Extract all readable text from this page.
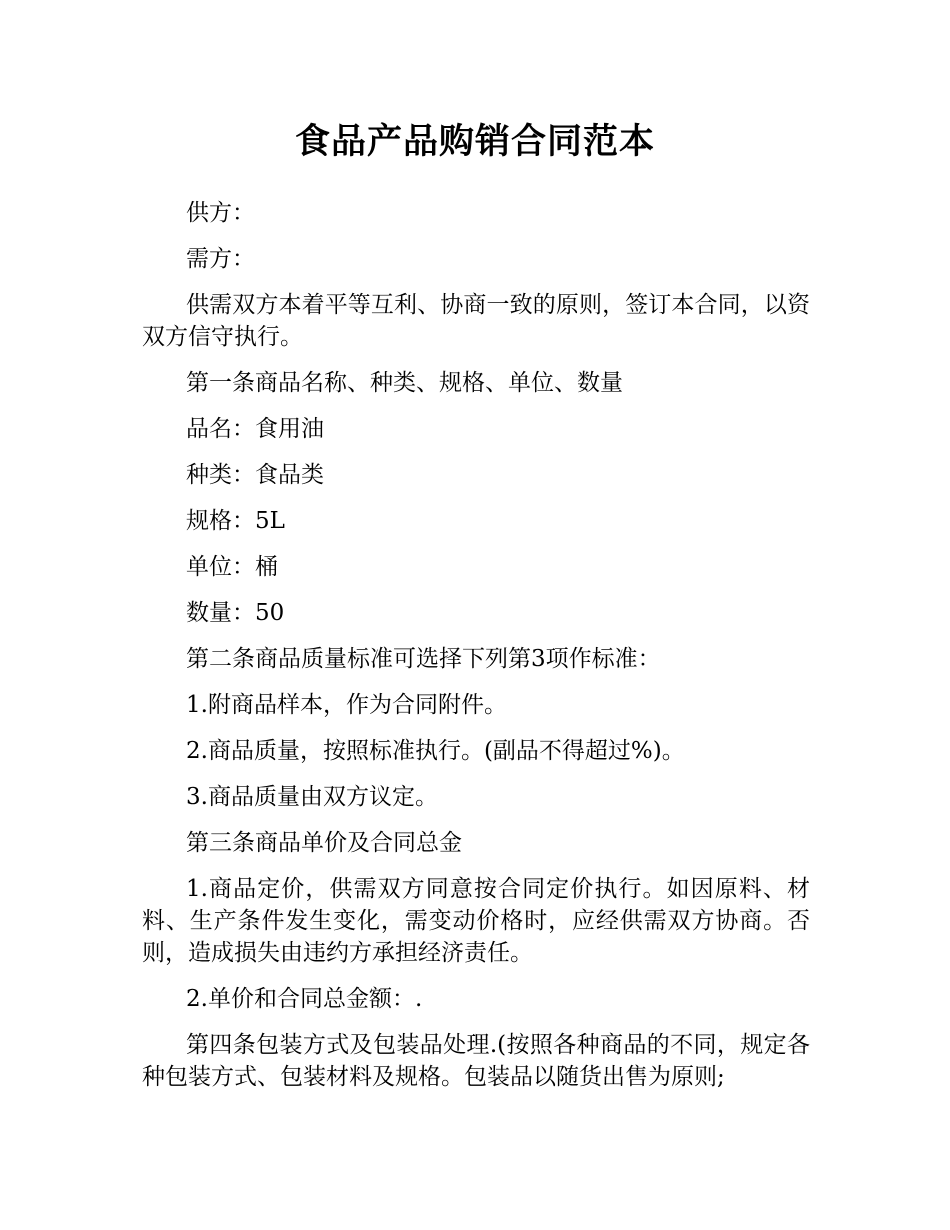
食品产品购销合同范本

供方：

需方：

供需双方本着平等互利、协商一致的原则，签订本合同，以资双方信守执行。

第一条商品名称、种类、规格、单位、数量

品名：食用油

种类：食品类

规格：5L

单位：桶

数量：50

第二条商品质量标准可选择下列第3项作标准：

1.附商品样本，作为合同附件。

2.商品质量，按照标准执行。(副品不得超过%)。

3.商品质量由双方议定。

第三条商品单价及合同总金

1.商品定价，供需双方同意按合同定价执行。如因原料、材料、生产条件发生变化，需变动价格时，应经供需双方协商。否则，造成损失由违约方承担经济责任。

2.单价和合同总金额：.

第四条包装方式及包装品处理.(按照各种商品的不同，规定各种包装方式、包装材料及规格。包装品以随货出售为原则;
